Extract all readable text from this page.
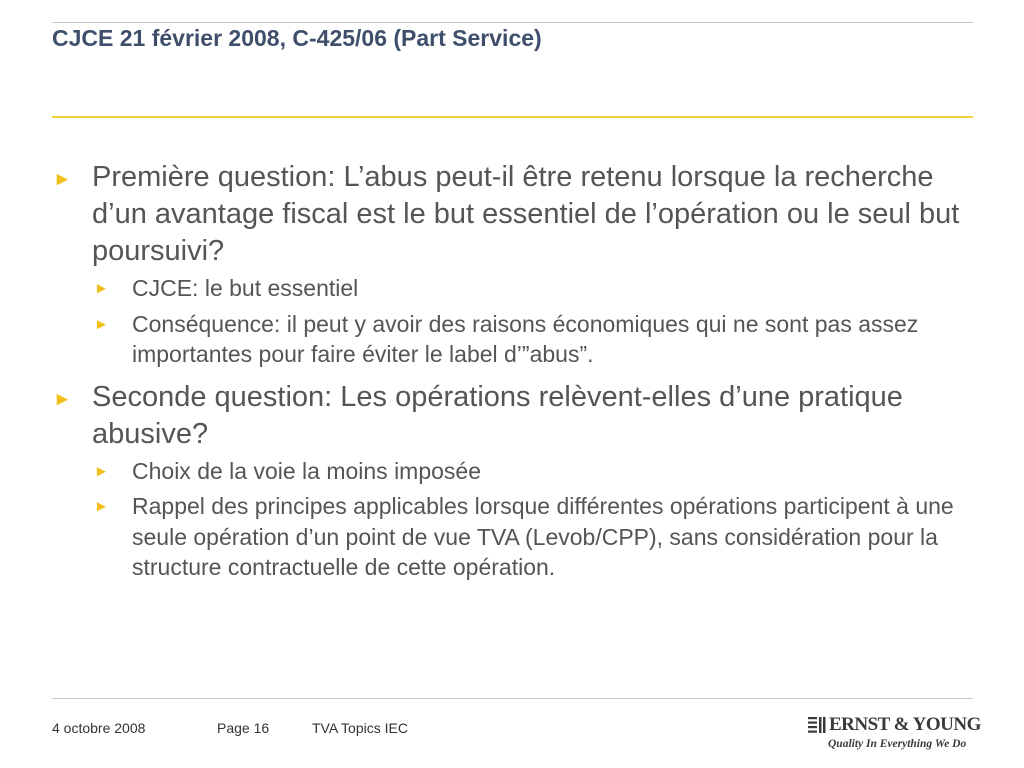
CJCE 21 février 2008, C-425/06 (Part Service)
► Première question: L’abus peut-il être retenu lorsque la recherche d’un avantage fiscal est le but essentiel de l’opération ou le seul but poursuivi?
► CJCE: le but essentiel
► Conséquence: il peut y avoir des raisons économiques qui ne sont pas assez importantes pour faire éviter le label d’”abus”.
► Seconde question: Les opérations relèvent-elles d’une pratique abusive?
► Choix de la voie la moins imposée
► Rappel des principes applicables lorsque différentes opérations participent à une seule opération d’un point de vue TVA (Levob/CPP), sans considération pour la structure contractuelle de cette opération.
4 octobre 2008	Page 16	TVA Topics IEC	ERNST & YOUNG
Quality In Everything We Do
